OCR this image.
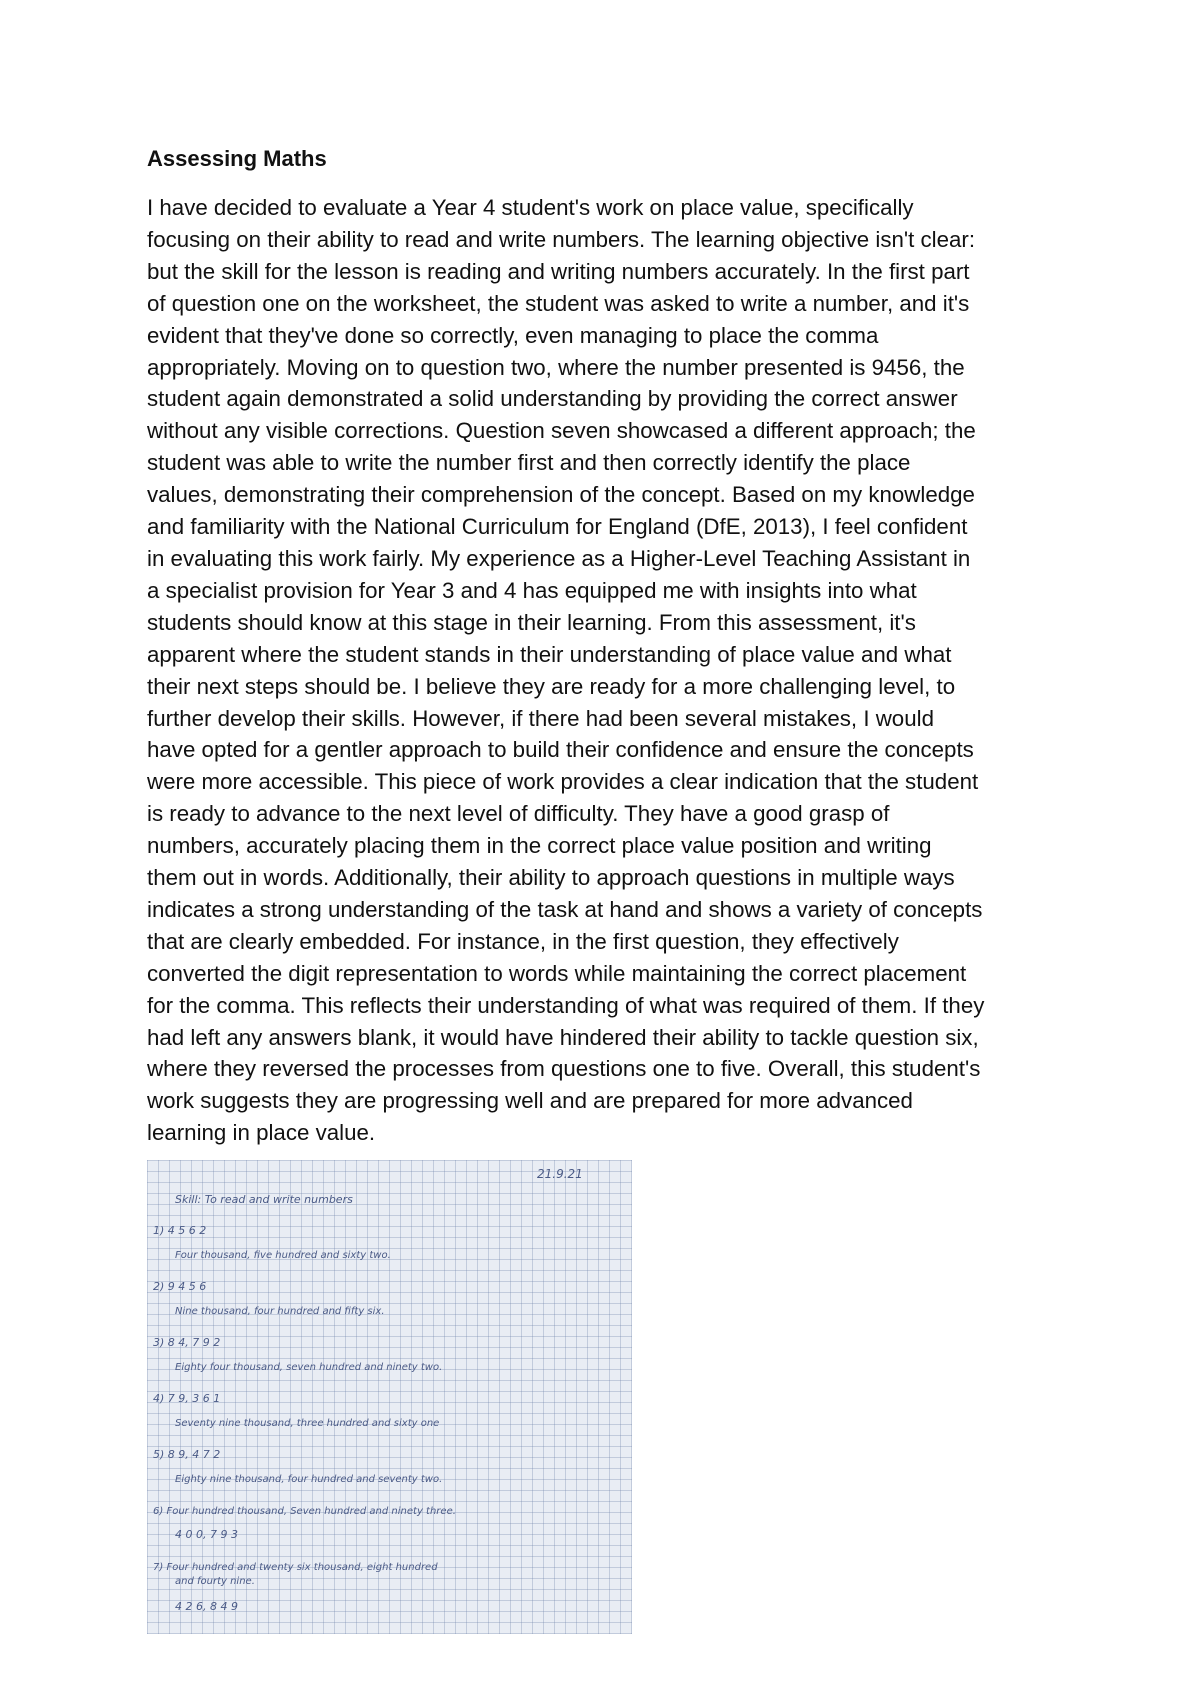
Assessing Maths
I have decided to evaluate a Year 4 student's work on place value, specifically
focusing on their ability to read and write numbers. The learning objective isn't clear:
but the skill for the lesson is reading and writing numbers accurately. In the first part
of question one on the worksheet, the student was asked to write a number, and it's
evident that they've done so correctly, even managing to place the comma
appropriately. Moving on to question two, where the number presented is 9456, the
student again demonstrated a solid understanding by providing the correct answer
without any visible corrections. Question seven showcased a different approach; the
student was able to write the number first and then correctly identify the place
values, demonstrating their comprehension of the concept. Based on my knowledge
and familiarity with the National Curriculum for England (DfE, 2013), I feel confident
in evaluating this work fairly. My experience as a Higher-Level Teaching Assistant in
a specialist provision for Year 3 and 4 has equipped me with insights into what
students should know at this stage in their learning. From this assessment, it's
apparent where the student stands in their understanding of place value and what
their next steps should be. I believe they are ready for a more challenging level, to
further develop their skills. However, if there had been several mistakes, I would
have opted for a gentler approach to build their confidence and ensure the concepts
were more accessible. This piece of work provides a clear indication that the student
is ready to advance to the next level of difficulty. They have a good grasp of
numbers, accurately placing them in the correct place value position and writing
them out in words. Additionally, their ability to approach questions in multiple ways
indicates a strong understanding of the task at hand and shows a variety of concepts
that are clearly embedded. For instance, in the first question, they effectively
converted the digit representation to words while maintaining the correct placement
for the comma. This reflects their understanding of what was required of them. If they
had left any answers blank, it would have hindered their ability to tackle question six,
where they reversed the processes from questions one to five. Overall, this student's
work suggests they are progressing well and are prepared for more advanced
learning in place value.
21.9.21
Skill: To read and write numbers
1) 4 5 6 2
Four thousand, five hundred and sixty two.
2) 9 4 5 6
Nine thousand, four hundred and fifty six.
3) 8 4, 7 9 2
Eighty four thousand, seven hundred and ninety two.
4) 7 9, 3 6 1
Seventy nine thousand, three hundred and sixty one
5) 8 9, 4 7 2
Eighty nine thousand, four hundred and seventy two.
6) Four hundred thousand, Seven hundred and ninety three.
4 0 0, 7 9 3
7) Four hundred and twenty six thousand, eight hundred
and fourty nine.
4 2 6, 8 4 9
